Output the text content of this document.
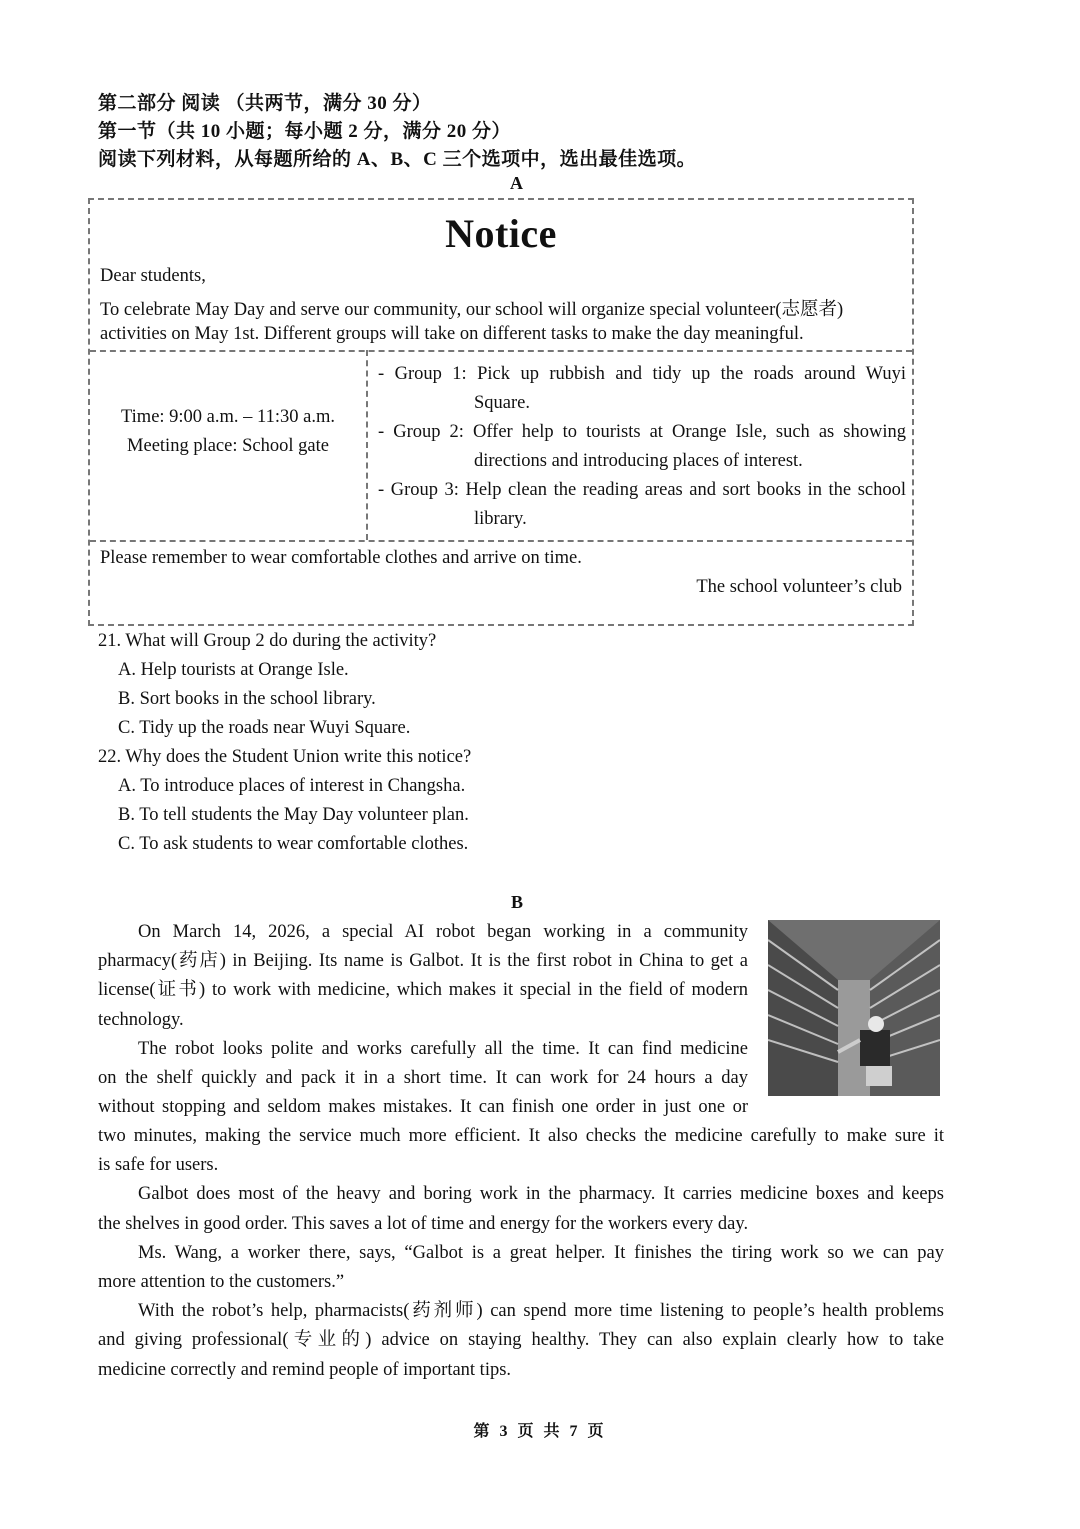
第二部分 阅读 （共两节，满分 30 分）
第一节（共 10 小题；每小题 2 分，满分 20 分）
阅读下列材料，从每题所给的 A、B、C 三个选项中，选出最佳选项。
A
Notice
Dear students,
To celebrate May Day and serve our community, our school will organize special volunteer(志愿者)
activities on May 1st. Different groups will take on different tasks to make the day meaningful.
Time: 9:00 a.m. – 11:30 a.m.
Meeting place: School gate
- Group 1: Pick up rubbish and tidy up the roads around Wuyi
Square.
- Group 2: Offer help to tourists at Orange Isle, such as showing
directions and introducing places of interest.
- Group 3: Help clean the reading areas and sort books in the school
library.
Please remember to wear comfortable clothes and arrive on time.
The school volunteer’s club
21. What will Group 2 do during the activity?
A. Help tourists at Orange Isle.
B. Sort books in the school library.
C. Tidy up the roads near Wuyi Square.
22. Why does the Student Union write this notice?
A. To introduce places of interest in Changsha.
B. To tell students the May Day volunteer plan.
C. To ask students to wear comfortable clothes.
B
On March 14, 2026, a special AI robot began working in a community
pharmacy(药店) in Beijing. Its name is Galbot. It is the first robot in China to get a
license(证书) to work with medicine, which makes it special in the field of modern
technology.
The robot looks polite and works carefully all the time. It can find medicine
on the shelf quickly and pack it in a short time. It can work for 24 hours a day
without stopping and seldom makes mistakes. It can finish one order in just one or
two minutes, making the service much more efficient. It also checks the medicine carefully to make sure it
is safe for users.
Galbot does most of the heavy and boring work in the pharmacy. It carries medicine boxes and keeps
the shelves in good order. This saves a lot of time and energy for the workers every day.
Ms. Wang, a worker there, says, “Galbot is a great helper. It finishes the tiring work so we can pay
more attention to the customers.”
With the robot’s help, pharmacists(药剂师) can spend more time listening to people’s health problems
and giving professional(专业的) advice on staying healthy. They can also explain clearly how to take
medicine correctly and remind people of important tips.
第 3 页 共 7 页
